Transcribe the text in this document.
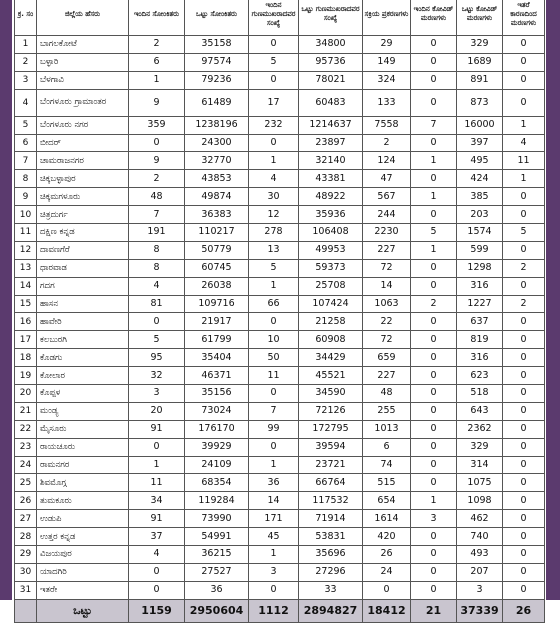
ಕ್ರ. ಸಂ	ಜಿಲ್ಲೆಯ ಹೆಸರು	ಇಂದಿನ ಸೋಂಕಿತರು	ಒಟ್ಟು ಸೋಂಕಿತರು	ಇಂದಿನ ಗುಣಮುಖರಾದವರ ಸಂಖ್ಯೆ	ಒಟ್ಟು ಗುಣಮುಖರಾದವರ ಸಂಖ್ಯೆ	ಸಕ್ರಿಯ ಪ್ರಕರಣಗಳು	ಇಂದಿನ ಕೋವಿಡ್ ಮರಣಗಳು	ಒಟ್ಟು ಕೋವಿಡ್ ಮರಣಗಳು	ಇತರೆ ಕಾರಣದಿಂದ ಮರಣಗಳು
1	ಬಾಗಲಕೋಟೆ	2	35158	0	34800	29	0	329	0
2	ಬಳ್ಳಾರಿ	6	97574	5	95736	149	0	1689	0
3	ಬೆಳಗಾವಿ	1	79236	0	78021	324	0	891	0
4	ಬೆಂಗಳೂರು ಗ್ರಾಮಾಂತರ	9	61489	17	60483	133	0	873	0
5	ಬೆಂಗಳೂರು ನಗರ	359	1238196	232	1214637	7558	7	16000	1
6	ಬೀದರ್	0	24300	0	23897	2	0	397	4
7	ಚಾಮರಾಜನಗರ	9	32770	1	32140	124	1	495	11
8	ಚಿಕ್ಕಬಳ್ಳಾಪುರ	2	43853	4	43381	47	0	424	1
9	ಚಿಕ್ಕಮಗಳೂರು	48	49874	30	48922	567	1	385	0
10	ಚಿತ್ರದುರ್ಗ	7	36383	12	35936	244	0	203	0
11	ದಕ್ಷಿಣ ಕನ್ನಡ	191	110217	278	106408	2230	5	1574	5
12	ದಾವಣಗೆರೆ	8	50779	13	49953	227	1	599	0
13	ಧಾರವಾಡ	8	60745	5	59373	72	0	1298	2
14	ಗದಗ	4	26038	1	25708	14	0	316	0
15	ಹಾಸನ	81	109716	66	107424	1063	2	1227	2
16	ಹಾವೇರಿ	0	21917	0	21258	22	0	637	0
17	ಕಲಬುರಗಿ	5	61799	10	60908	72	0	819	0
18	ಕೊಡಗು	95	35404	50	34429	659	0	316	0
19	ಕೋಲಾರ	32	46371	11	45521	227	0	623	0
20	ಕೊಪ್ಪಳ	3	35156	0	34590	48	0	518	0
21	ಮಂಡ್ಯ	20	73024	7	72126	255	0	643	0
22	ಮೈಸೂರು	91	176170	99	172795	1013	0	2362	0
23	ರಾಯಚೂರು	0	39929	0	39594	6	0	329	0
24	ರಾಮನಗರ	1	24109	1	23721	74	0	314	0
25	ಶಿವಮೊಗ್ಗ	11	68354	36	66764	515	0	1075	0
26	ತುಮಕೂರು	34	119284	14	117532	654	1	1098	0
27	ಉಡುಪಿ	91	73990	171	71914	1614	3	462	0
28	ಉತ್ತರ ಕನ್ನಡ	37	54991	45	53831	420	0	740	0
29	ವಿಜಯಪುರ	4	36215	1	35696	26	0	493	0
30	ಯಾದಗಿರಿ	0	27527	3	27296	24	0	207	0
31	ಇತರೇ	0	36	0	33	0	0	3	0
	ಒಟ್ಟು	1159	2950604	1112	2894827	18412	21	37339	26
